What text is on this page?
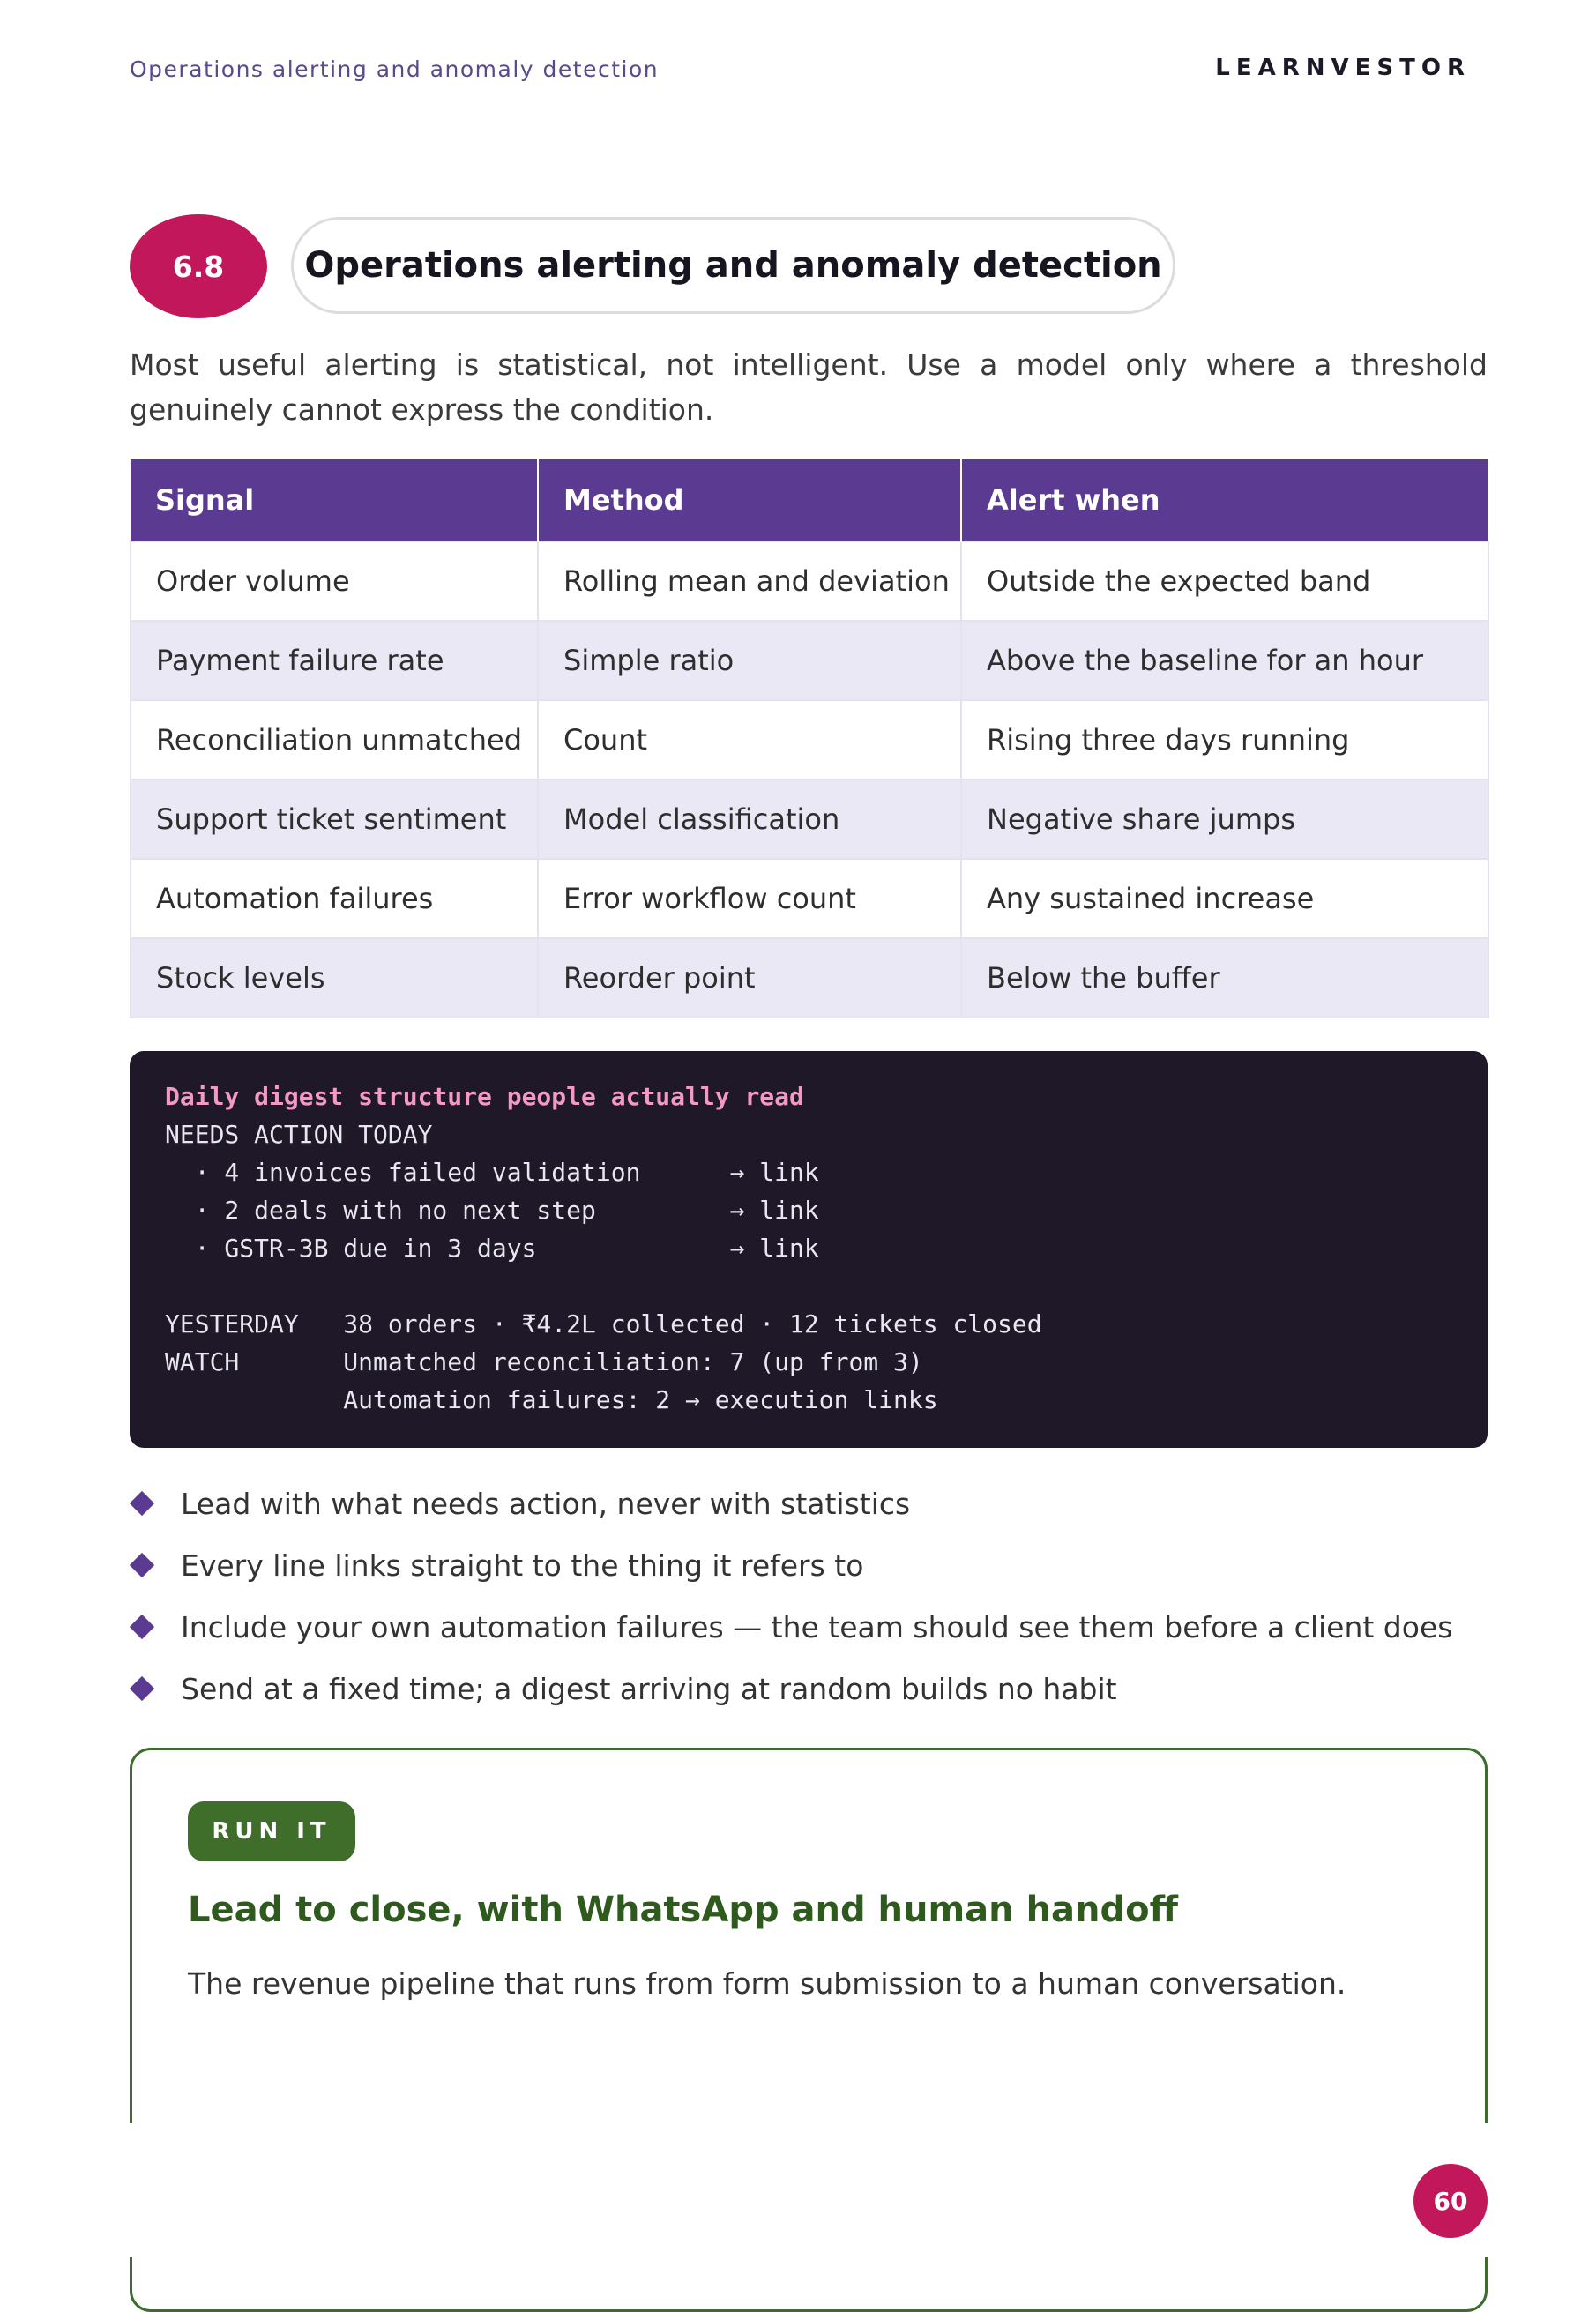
Operations alerting and anomaly detection	LEARNVESTOR
6.8	Operations alerting and anomaly detection

Most useful alerting is statistical, not intelligent. Use a model only where a threshold genuinely cannot express the condition.

Signal	Method	Alert when
Order volume	Rolling mean and deviation	Outside the expected band
Payment failure rate	Simple ratio	Above the baseline for an hour
Reconciliation unmatched	Count	Rising three days running
Support ticket sentiment	Model classification	Negative share jumps
Automation failures	Error workflow count	Any sustained increase
Stock levels	Reorder point	Below the buffer
Daily digest structure people actually read
NEEDS ACTION TODAY
· 4 invoices failed validation      → link
· 2 deals with no next step         → link
· GSTR-3B due in 3 days             → link
YESTERDAY   38 orders · ₹4.2L collected · 12 tickets closed
WATCH       Unmatched reconciliation: 7 (up from 3)
Automation failures: 2 → execution links
Lead with what needs action, never with statistics
Every line links straight to the thing it refers to
Include your own automation failures — the team should see them before a client does
Send at a fixed time; a digest arriving at random builds no habit
RUN IT
Lead to close, with WhatsApp and human handoff
The revenue pipeline that runs from form submission to a human conversation.
60
